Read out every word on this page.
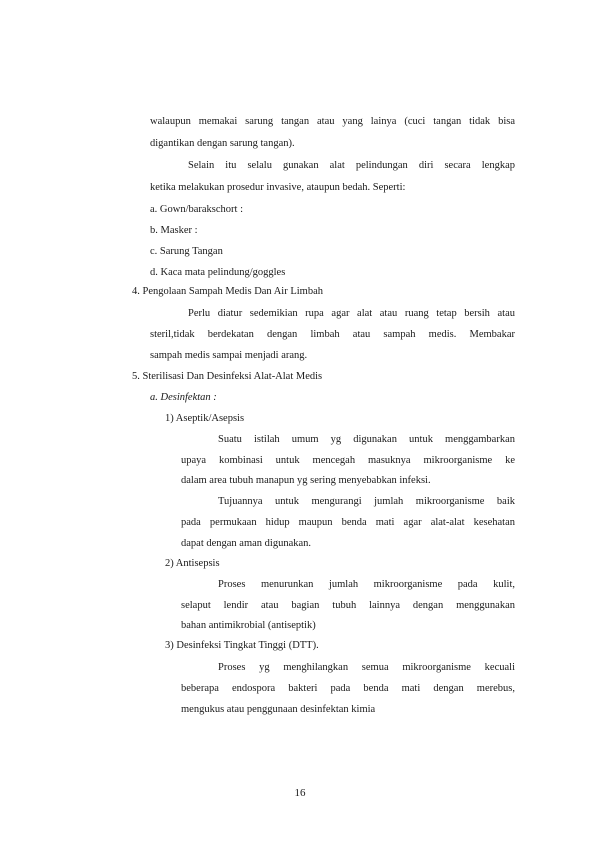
walaupun memakai sarung tangan atau yang lainya (cuci tangan tidak bisa
digantikan dengan sarung tangan).
Selain itu selalu gunakan alat pelindungan diri secara lengkap
ketika melakukan prosedur invasive, ataupun bedah. Seperti:
a. Gown/barakschort :
b. Masker :
c. Sarung Tangan
d. Kaca mata pelindung/goggles
4. Pengolaan Sampah Medis Dan Air Limbah
Perlu diatur sedemikian rupa agar alat atau ruang tetap bersih atau
steril,tidak berdekatan dengan limbah atau sampah medis. Membakar
sampah medis sampai menjadi arang.
5. Sterilisasi Dan Desinfeksi Alat-Alat Medis
a. Desinfektan :
1) Aseptik/Asepsis
Suatu istilah umum yg digunakan untuk menggambarkan
upaya kombinasi untuk mencegah masuknya mikroorganisme ke
dalam area tubuh manapun yg sering menyebabkan infeksi.
Tujuannya untuk mengurangi jumlah mikroorganisme baik
pada permukaan hidup maupun benda mati agar alat-alat kesehatan
dapat dengan aman digunakan.
2) Antisepsis
Proses menurunkan jumlah mikroorganisme pada kulit,
selaput lendir atau bagian tubuh lainnya dengan menggunakan
bahan antimikrobial (antiseptik)
3) Desinfeksi Tingkat Tinggi (DTT).
Proses yg menghilangkan semua mikroorganisme kecuali
beberapa endospora bakteri pada benda mati dengan merebus,
mengukus atau penggunaan desinfektan kimia
16
